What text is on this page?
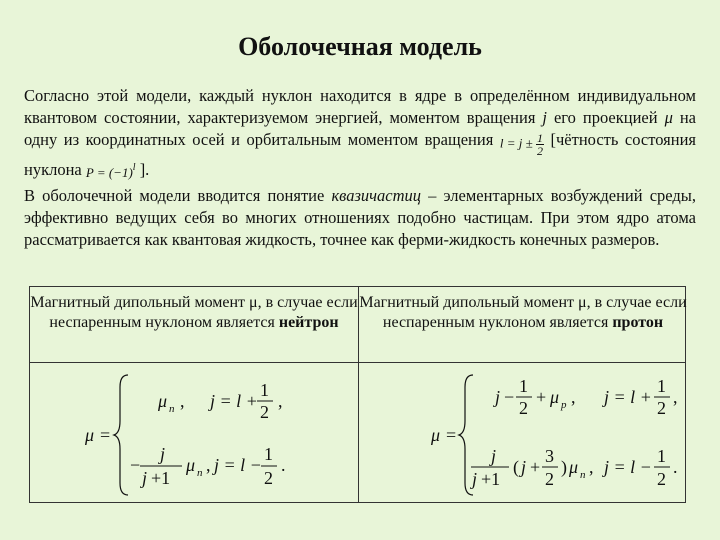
Оболочечная модель
Согласно этой модели, каждый нуклон находится в ядре в определённом индивидуальном квантовом состоянии, характеризуемом энергией, моментом вращения j его проекцией μ на одну из координатных осей и орбитальным моментом вращения $l = j \pm \frac{1}{2}$ [чётность состояния нуклона $P = (-1)^l$ ].
В оболочечной модели вводится понятие квазичастиц – элементарных возбуждений среды, эффективно ведущих себя во многих отношениях подобно частицам. При этом ядро атома рассматривается как квантовая жидкость, точнее как ферми-жидкость конечных размеров.
Магнитный дипольный момент μ, в случае если неспаренным нуклоном является нейтрон
Магнитный дипольный момент μ, в случае если неспаренным нуклоном является протон
μ =
μ n , j = l +
1
2
,
−
j
j +1
μ n , j = l −
1
2
.
μ =
j −
1
2
+ μ p , j = l +
1
2
,
j
j +1
( j +
3
2
) μ n , j = l −
1
2
.
